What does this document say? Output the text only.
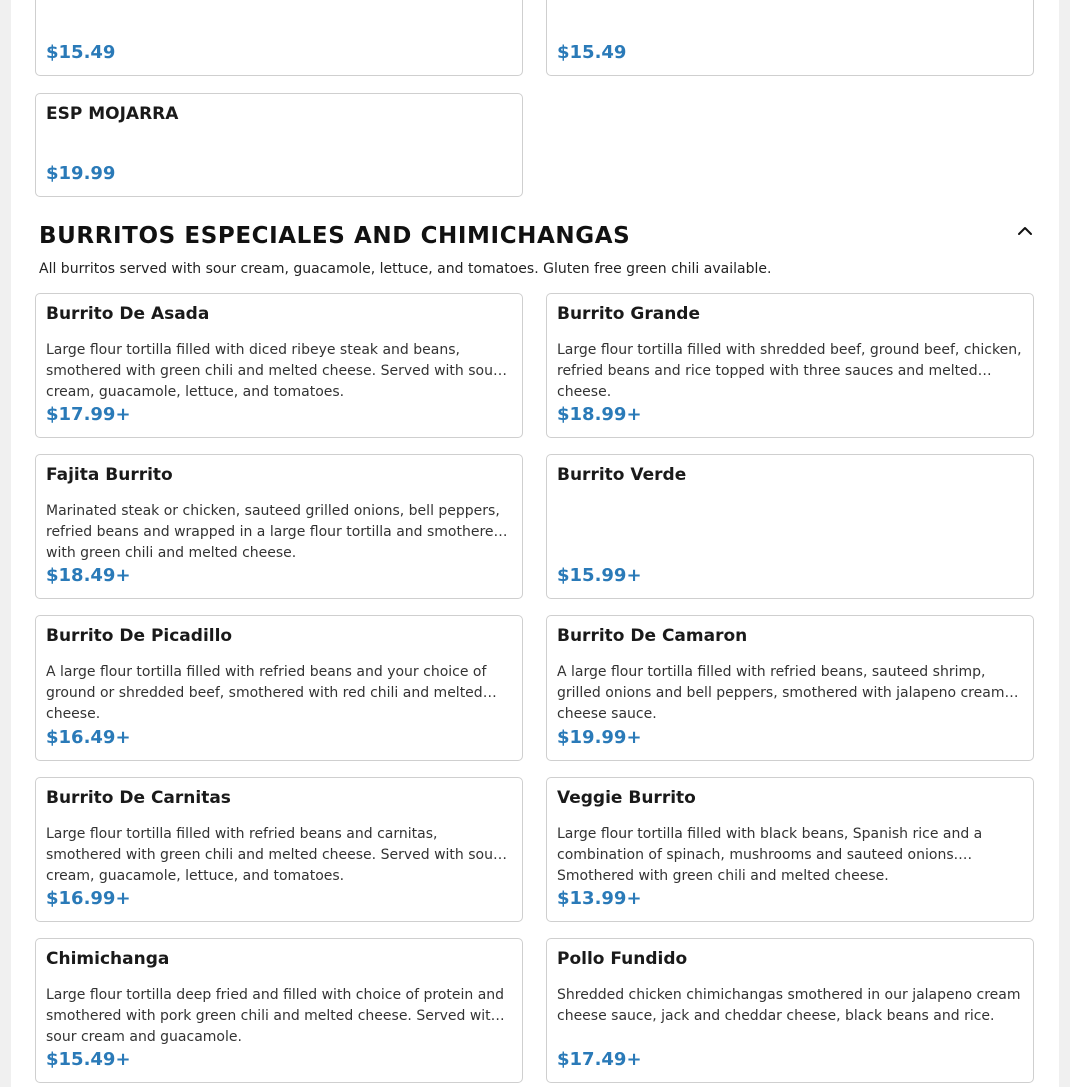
$15.49	$15.49
ESP MOJARRA
$19.99
BURRITOS ESPECIALES AND CHIMICHANGAS
All burritos served with sour cream, guacamole, lettuce, and tomatoes. Gluten free green chili available.
Burrito De Asada
Large flour tortilla filled with diced ribeye steak and beans, smothered with green chili and melted cheese. Served with sour cream, guacamole, lettuce, and tomatoes.
$17.99+
Burrito Grande
Large flour tortilla filled with shredded beef, ground beef, chicken, refried beans and rice topped with three sauces and melted cheese.
$18.99+
Fajita Burrito
Marinated steak or chicken, sauteed grilled onions, bell peppers, refried beans and wrapped in a large flour tortilla and smothered with green chili and melted cheese.
$18.49+
Burrito Verde
$15.99+
Burrito De Picadillo
A large flour tortilla filled with refried beans and your choice of ground or shredded beef, smothered with red chili and melted cheese.
$16.49+
Burrito De Camaron
A large flour tortilla filled with refried beans, sauteed shrimp, grilled onions and bell peppers, smothered with jalapeno cream cheese sauce.
$19.99+
Burrito De Carnitas
Large flour tortilla filled with refried beans and carnitas, smothered with green chili and melted cheese. Served with sour cream, guacamole, lettuce, and tomatoes.
$16.99+
Veggie Burrito
Large flour tortilla filled with black beans, Spanish rice and a combination of spinach, mushrooms and sauteed onions. Smothered with green chili and melted cheese.
$13.99+
Chimichanga
Large flour tortilla deep fried and filled with choice of protein and smothered with pork green chili and melted cheese. Served with sour cream and guacamole.
$15.49+
Pollo Fundido
Shredded chicken chimichangas smothered in our jalapeno cream cheese sauce, jack and cheddar cheese, black beans and rice.
$17.49+
